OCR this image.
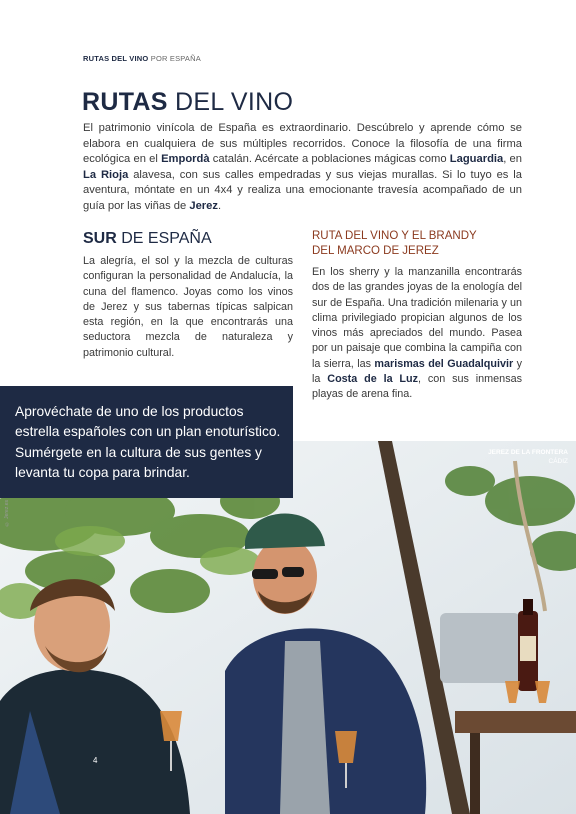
RUTAS DEL VINO POR ESPAÑA
RUTAS DEL VINO

El patrimonio vinícola de España es extraordinario. Descúbrelo y aprende cómo se elabora en cualquiera de sus múltiples recorridos. Conoce la filosofía de una firma ecológica en el Empordà catalán. Acércate a poblaciones mágicas como Laguardia, en La Rioja alavesa, con sus calles empedradas y sus viejas murallas. Si lo tuyo es la aventura, móntate en un 4x4 y realiza una emocionante travesía acompañado de un guía por las viñas de Jerez.

SUR DE ESPAÑA

La alegría, el sol y la mezcla de culturas configuran la personalidad de Andalucía, la cuna del flamenco. Joyas como los vinos de Jerez y sus tabernas típicas salpican esta región, en la que encontrarás una seductora mezcla de naturaleza y patrimonio cultural.

RUTA DEL VINO Y EL BRANDY
DEL MARCO DE JEREZ

En los sherry y la manzanilla encontrarás dos de las grandes joyas de la enología del sur de España. Una tradición milenaria y un clima privilegiado propician algunos de los vinos más apreciados del mundo. Pasea por un paisaje que combina la campiña con la sierra, las marismas del Guadalquivir y la Costa de la Luz, con sus inmensas playas de arena fina.

Aprovéchate de uno de los productos estrella españoles con un plan enoturístico. Sumérgete en la cultura de sus gentes y levanta tu copa para brindar.

JEREZ DE LA FRONTERA
CÁDIZ
© Jerez.es
4
